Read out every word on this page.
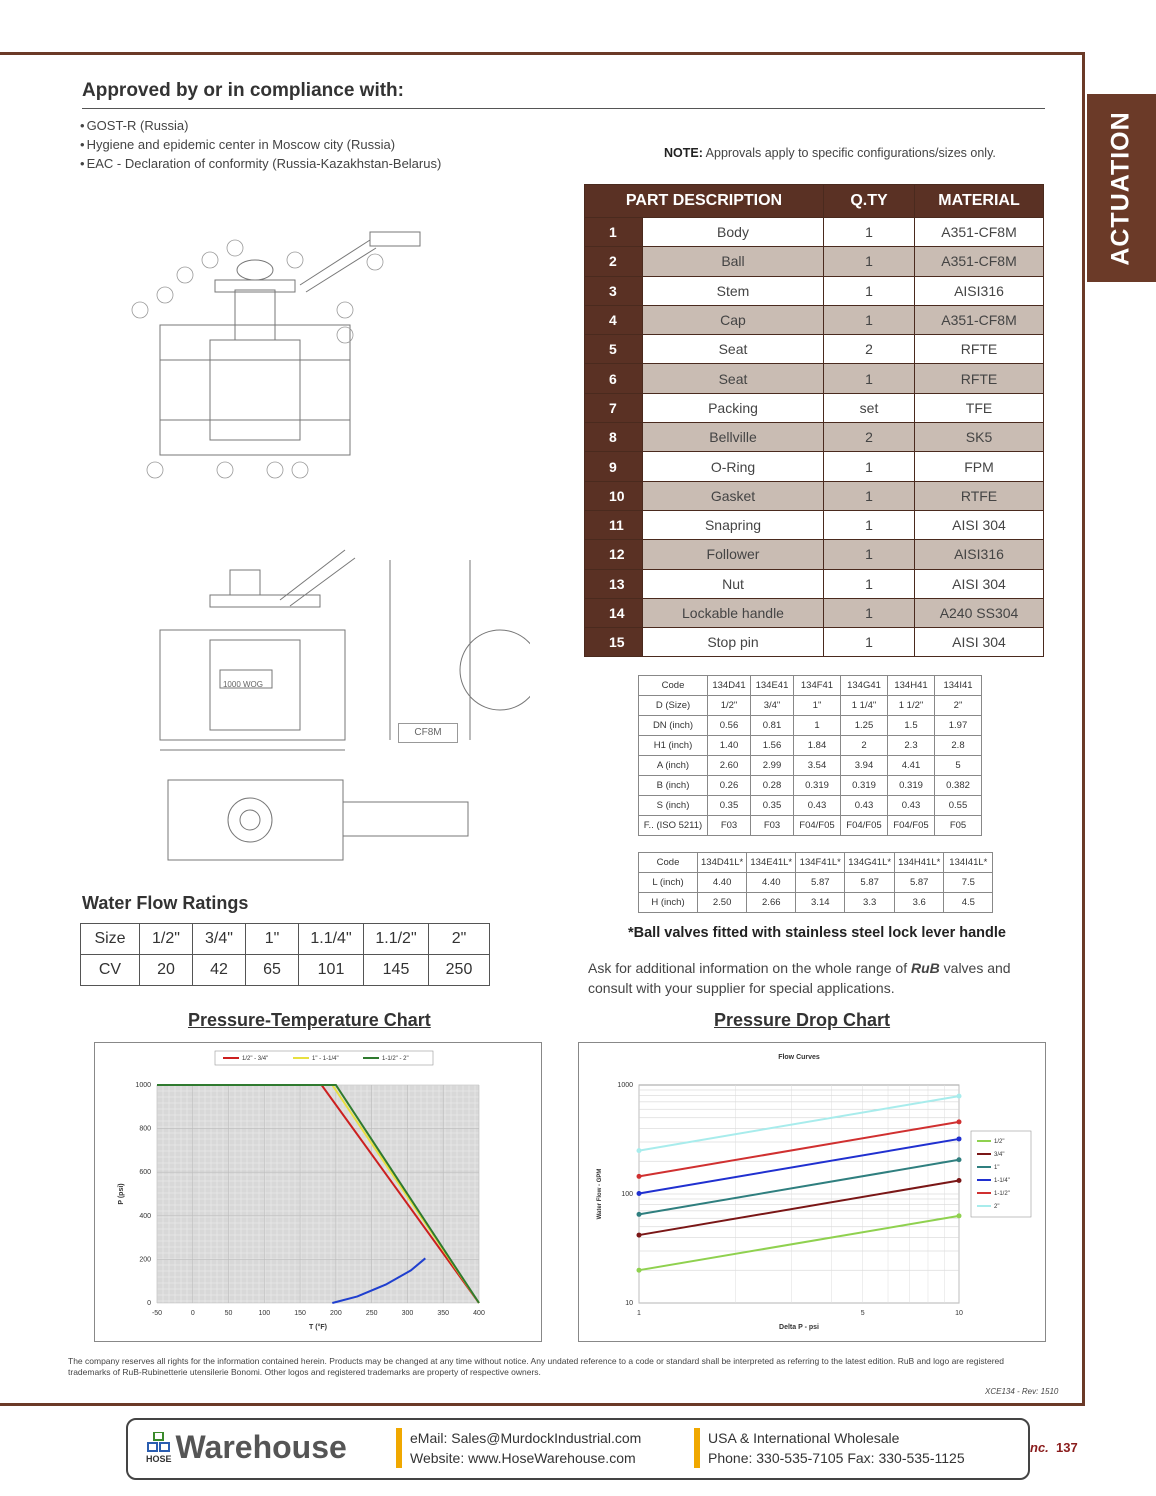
ACTUATION
Approved by or in compliance with:
• GOST-R (Russia)
• Hygiene and epidemic center in Moscow city (Russia)
• EAC - Declaration of conformity (Russia-Kazakhstan-Belarus)
NOTE: Approvals apply to specific configurations/sizes only.
CF8M
1000 WOG
PART DESCRIPTION		Q.TY	MATERIAL
1	Body	1	A351-CF8M
2	Ball	1	A351-CF8M
3	Stem	1	AISI316
4	Cap	1	A351-CF8M
5	Seat	2	RFTE
6	Seat	1	RFTE
7	Packing	set	TFE
8	Bellville	2	SK5
9	O-Ring	1	FPM
10	Gasket	1	RTFE
11	Snapring	1	AISI 304
12	Follower	1	AISI316
13	Nut	1	AISI 304
14	Lockable handle	1	A240 SS304
15	Stop pin	1	AISI 304
Code	134D41	134E41	134F41	134G41	134H41	134I41
D (Size)	1/2"	3/4"	1"	1 1/4"	1 1/2"	2"
DN (inch)	0.56	0.81	1	1.25	1.5	1.97
H1 (inch)	1.40	1.56	1.84	2	2.3	2.8
A (inch)	2.60	2.99	3.54	3.94	4.41	5
B (inch)	0.26	0.28	0.319	0.319	0.319	0.382
S (inch)	0.35	0.35	0.43	0.43	0.43	0.55
F.. (ISO 5211)	F03	F03	F04/F05	F04/F05	F04/F05	F05
Code	134D41L*	134E41L*	134F41L*	134G41L*	134H41L*	134I41L*
L (inch)	4.40	4.40	5.87	5.87	5.87	7.5
H (inch)	2.50	2.66	3.14	3.3	3.6	4.5
*Ball valves fitted with stainless steel lock lever handle
Ask for additional information on the whole range of RuB valves and consult with your supplier for special applications.
Water Flow Ratings
Size	1/2"	3/4"	1"	1.1/4"	1.1/2"	2"
CV	20	42	65	101	145	250
Pressure-Temperature Chart
-50	0	50	100	150	200	250	300	350	400
0
200
400
600
800
1000
T (°F)
P (psi)
1/2" - 3/4"	1" - 1-1/4"	1-1/2" - 2"
Pressure Drop Chart
10
100
1000
1	5	10
1/2"
3/4"
1"
1-1/4"
1-1/2"
2"
Flow Curves
Delta P - psi
Water Flow - GPM
The company reserves all rights for the information contained herein. Products may be changed at any time without notice. Any undated reference to a code or standard shall be interpreted as referring to the latest edition. RuB and logo are registered trademarks of RuB-Rubinetterie utensilerie Bonomi. Other logos and registered trademarks are property of respective owners.
XCE134 - Rev: 1510
HOSE Warehouse	eMail: Sales@MurdockIndustrial.com
Website: www.HoseWarehouse.com
USA & International Wholesale
Phone: 330-535-7105 Fax: 330-535-1125
nc. 137
